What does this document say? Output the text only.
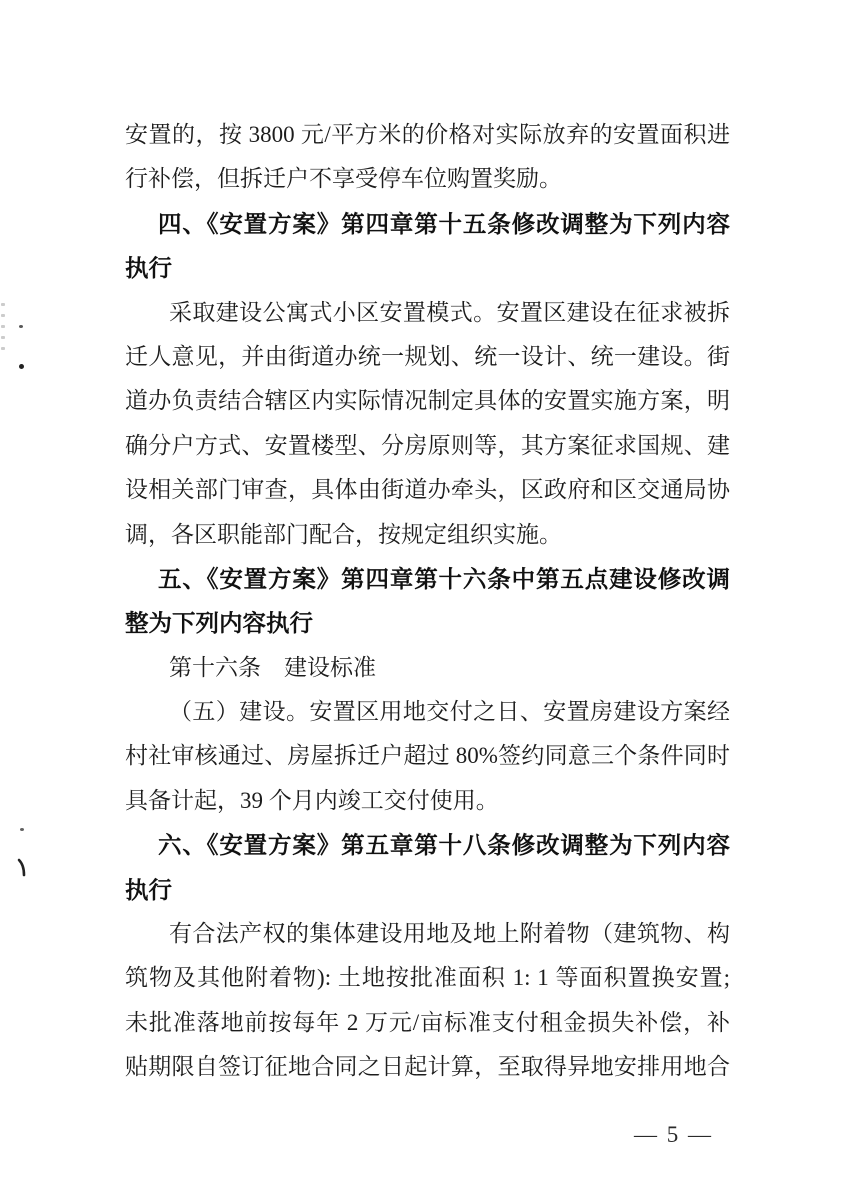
安置的，按 3800 元/平方米的价格对实际放弃的安置面积进
行补偿，但拆迁户不享受停车位购置奖励。
四、《安置方案》第四章第十五条修改调整为下列内容
执行
采取建设公寓式小区安置模式。安置区建设在征求被拆
迁人意见，并由街道办统一规划、统一设计、统一建设。街
道办负责结合辖区内实际情况制定具体的安置实施方案，明
确分户方式、安置楼型、分房原则等，其方案征求国规、建
设相关部门审查，具体由街道办牵头，区政府和区交通局协
调，各区职能部门配合，按规定组织实施。
五、《安置方案》第四章第十六条中第五点建设修改调
整为下列内容执行
第十六条　建设标准
（五）建设。安置区用地交付之日、安置房建设方案经
村社审核通过、房屋拆迁户超过 80%签约同意三个条件同时
具备计起，39 个月内竣工交付使用。
六、《安置方案》第五章第十八条修改调整为下列内容
执行
有合法产权的集体建设用地及地上附着物（建筑物、构
筑物及其他附着物): 土地按批准面积 1: 1 等面积置换安置;
未批准落地前按每年 2 万元/亩标准支付租金损失补偿，补
贴期限自签订征地合同之日起计算，至取得异地安排用地合
— 5 —
